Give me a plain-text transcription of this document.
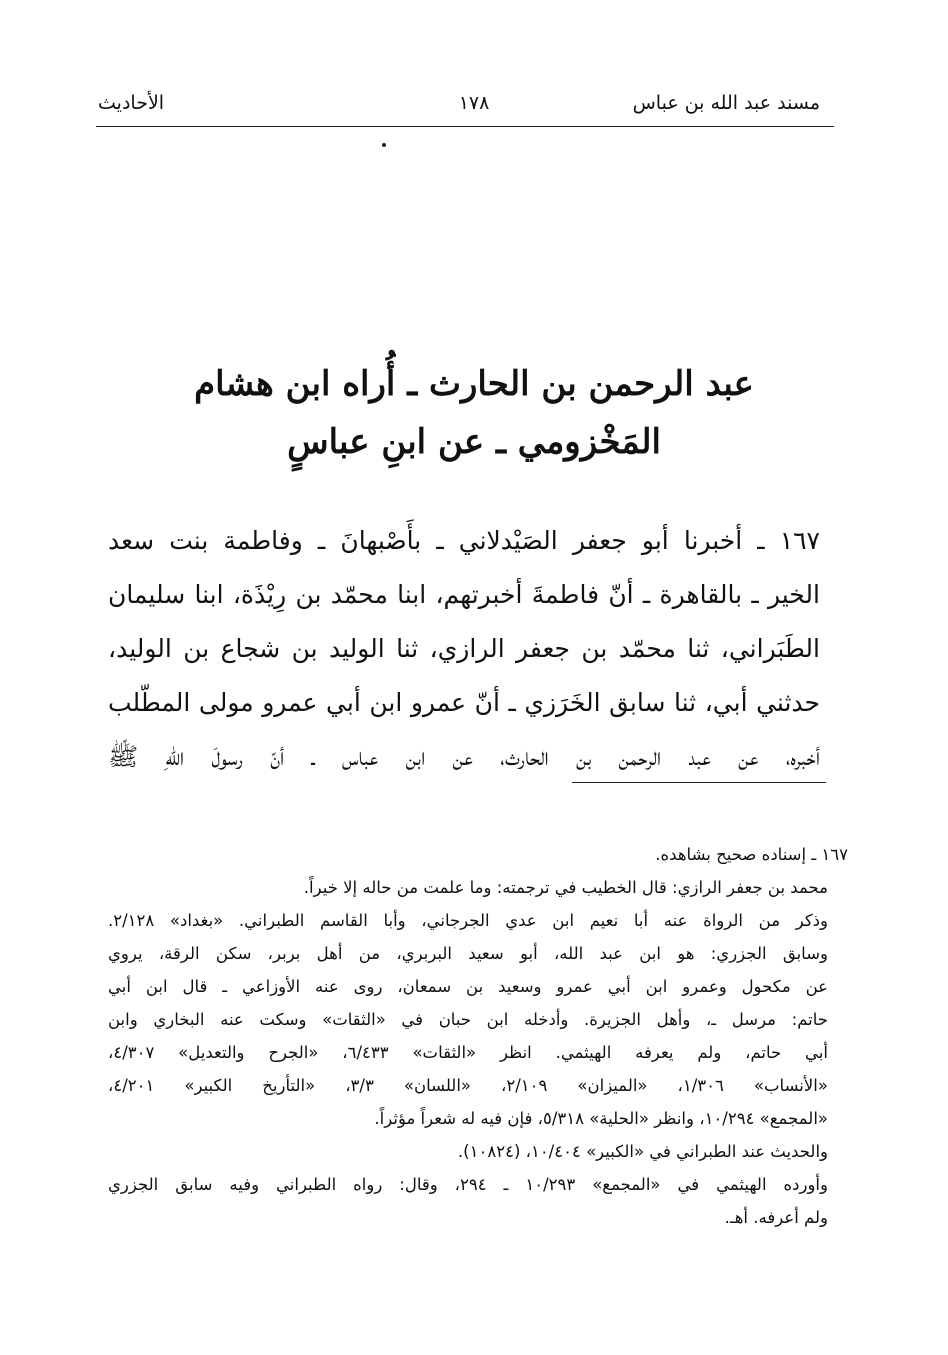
مسند عبد الله بن عباس
١٧٨
الأحاديث
عبد الرحمن بن الحارث ـ أُراه ابن هشام
المَخْزومي ـ عن ابنِ عباسٍ
١٦٧ ـ أخبرنا أبو جعفر الصَيْدلاني ـ بأَصْبهانَ ـ وفاطمة بنت سعد
الخير ـ بالقاهرة ـ أنّ فاطمةَ أخبرتهم، ابنا محمّد بن رِيْذَة، ابنا سليمان
الطَبَراني، ثنا محمّد بن جعفر الرازي، ثنا الوليد بن شجاع بن الوليد،
حدثني أبي، ثنا سابق الخَرَزي ـ أنّ عمرو ابن أبي عمرو مولى المطّلب
أخبره، عن عبد الرحمن بن الحارث، عن ابن عباس ـ أنّ رسولَ اللّهِ ﷺ
١٦٧ ـ إسناده صحيح بشاهده.
محمد بن جعفر الرازي: قال الخطيب في ترجمته: وما علمت من حاله إلا خيراً.
وذكر من الرواة عنه أبا نعيم ابن عدي الجرجاني، وأبا القاسم الطبراني. «بغداد» ٢/١٢٨.
وسابق الجزري: هو ابن عبد الله، أبو سعيد البربري، من أهل بربر، سكن الرقة، يروي
عن مكحول وعمرو ابن أبي عمرو وسعيد بن سمعان، روى عنه الأوزاعي ـ قال ابن أبي
حاتم: مرسل ـ، وأهل الجزيرة. وأدخله ابن حبان في «الثقات» وسكت عنه البخاري وابن
أبي حاتم، ولم يعرفه الهيثمي. انظر «الثقات» ٦/٤٣٣، «الجرح والتعديل» ٤/٣٠٧،
«الأنساب» ١/٣٠٦، «الميزان» ٢/١٠٩، «اللسان» ٣/٣، «التأريخ الكبير» ٤/٢٠١،
«المجمع» ١٠/٢٩٤، وانظر «الحلية» ٥/٣١٨، فإن فيه له شعراً مؤثراً.
والحديث عند الطبراني في «الكبير» ١٠/٤٠٤، (١٠٨٢٤).
وأورده الهيثمي في «المجمع» ١٠/٢٩٣ ـ ٢٩٤، وقال: رواه الطبراني وفيه سابق الجزري
ولم أعرفه. أهـ.
